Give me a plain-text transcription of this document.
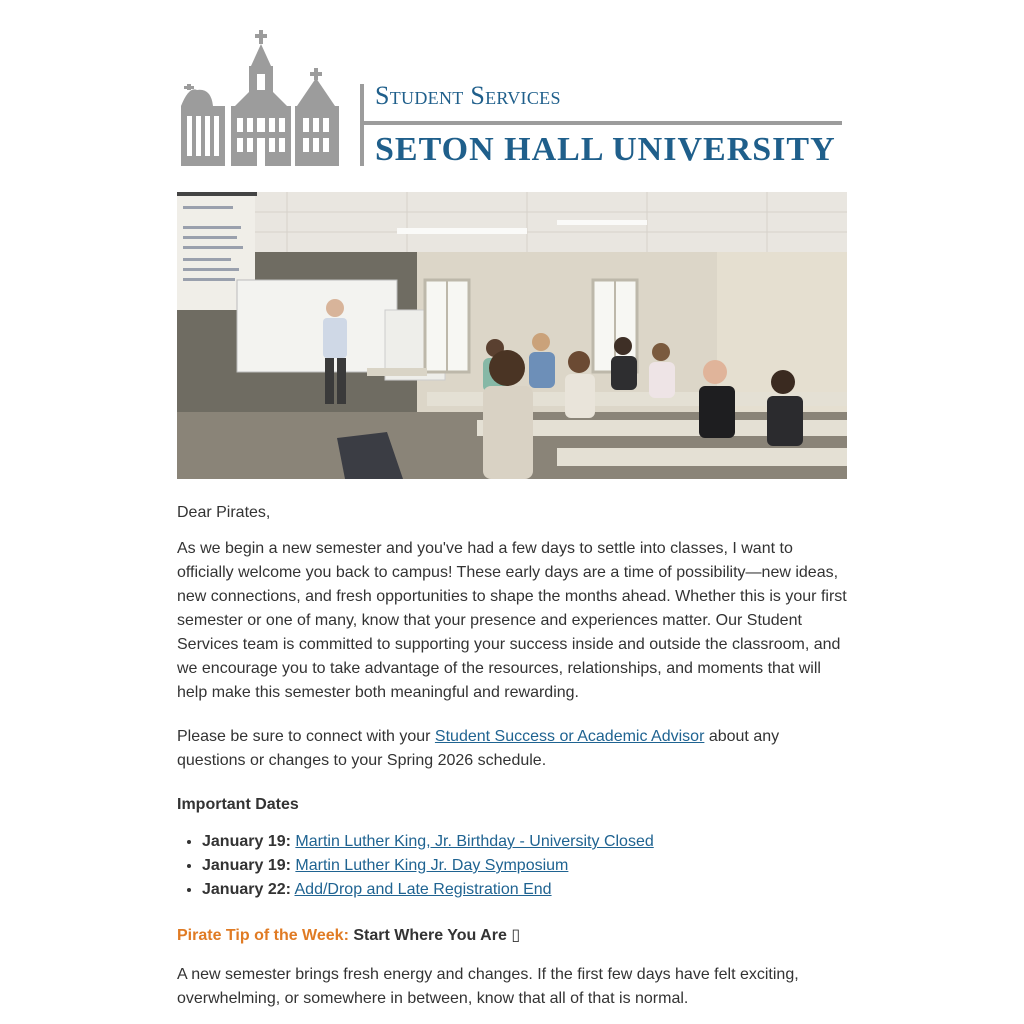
Student Services
SETON HALL UNIVERSITY
Dear Pirates,
As we begin a new semester and you've had a few days to settle into classes, I want to officially welcome you back to campus! These early days are a time of possibility—new ideas, new connections, and fresh opportunities to shape the months ahead. Whether this is your first semester or one of many, know that your presence and experiences matter. Our Student Services team is committed to supporting your success inside and outside the classroom, and we encourage you to take advantage of the resources, relationships, and moments that will help make this semester both meaningful and rewarding.
Please be sure to connect with your Student Success or Academic Advisor about any questions or changes to your Spring 2026 schedule.
Important Dates
• January 19: Martin Luther King, Jr. Birthday - University Closed
• January 19: Martin Luther King Jr. Day Symposium
• January 22: Add/Drop and Late Registration End
Pirate Tip of the Week: Start Where You Are ▯
A new semester brings fresh energy and changes. If the first few days have felt exciting, overwhelming, or somewhere in between, know that all of that is normal.
